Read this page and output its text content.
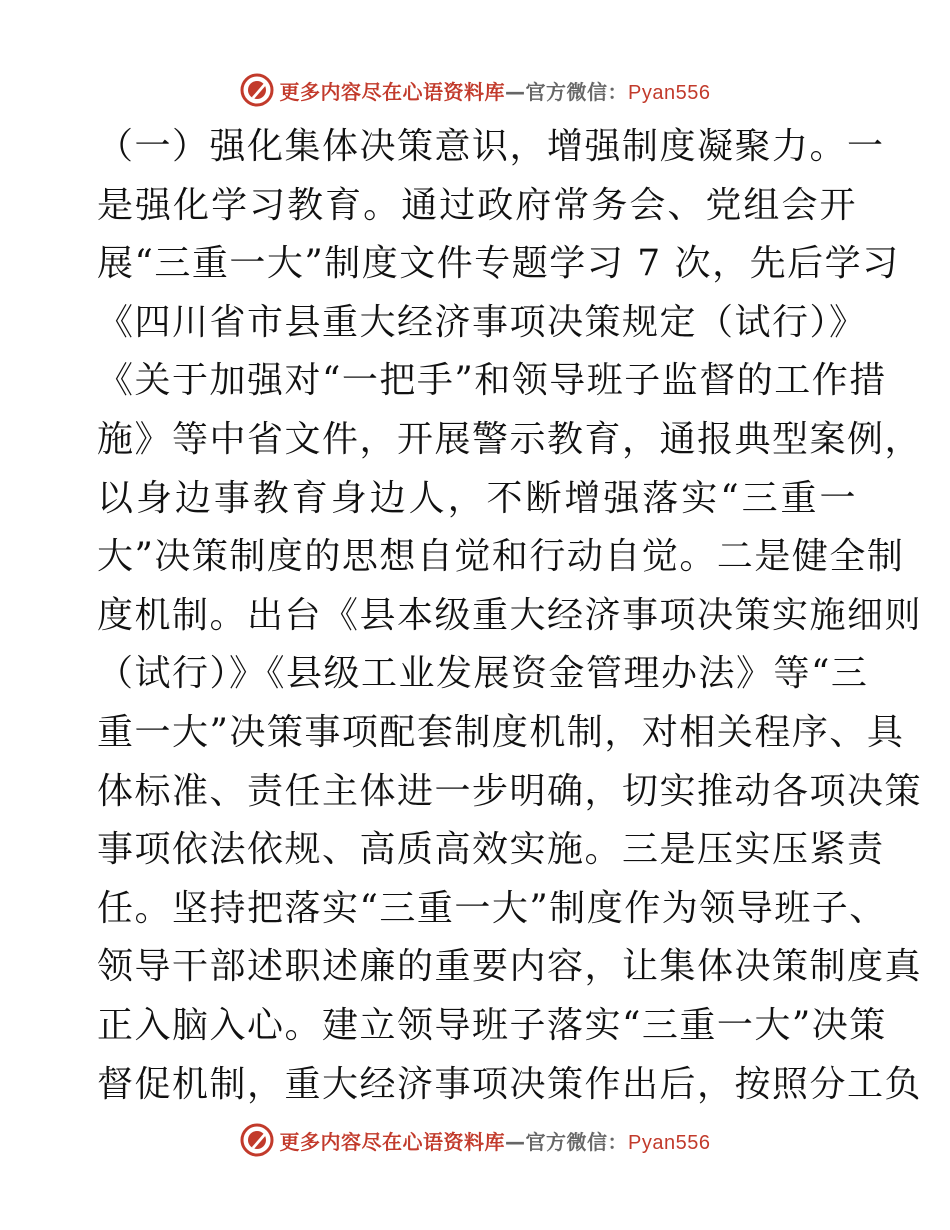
更多内容尽在心语资料库—官方微信：Pyan556
（一）强化集体决策意识，增强制度凝聚力。一
是强化学习教育。通过政府常务会、党组会开
展“三重一大”制度文件专题学习 7 次，先后学习
《四川省市县重大经济事项决策规定（试行）》
《关于加强对“一把手”和领导班子监督的工作措
施》等中省文件，开展警示教育，通报典型案例，
以身边事教育身边人，不断增强落实“三重一
大”决策制度的思想自觉和行动自觉。二是健全制
度机制。出台《县本级重大经济事项决策实施细则
（试行）》《县级工业发展资金管理办法》等“三
重一大”决策事项配套制度机制，对相关程序、具
体标准、责任主体进一步明确，切实推动各项决策
事项依法依规、高质高效实施。三是压实压紧责
任。坚持把落实“三重一大”制度作为领导班子、
领导干部述职述廉的重要内容，让集体决策制度真
正入脑入心。建立领导班子落实“三重一大”决策
督促机制，重大经济事项决策作出后，按照分工负
更多内容尽在心语资料库—官方微信：Pyan556
